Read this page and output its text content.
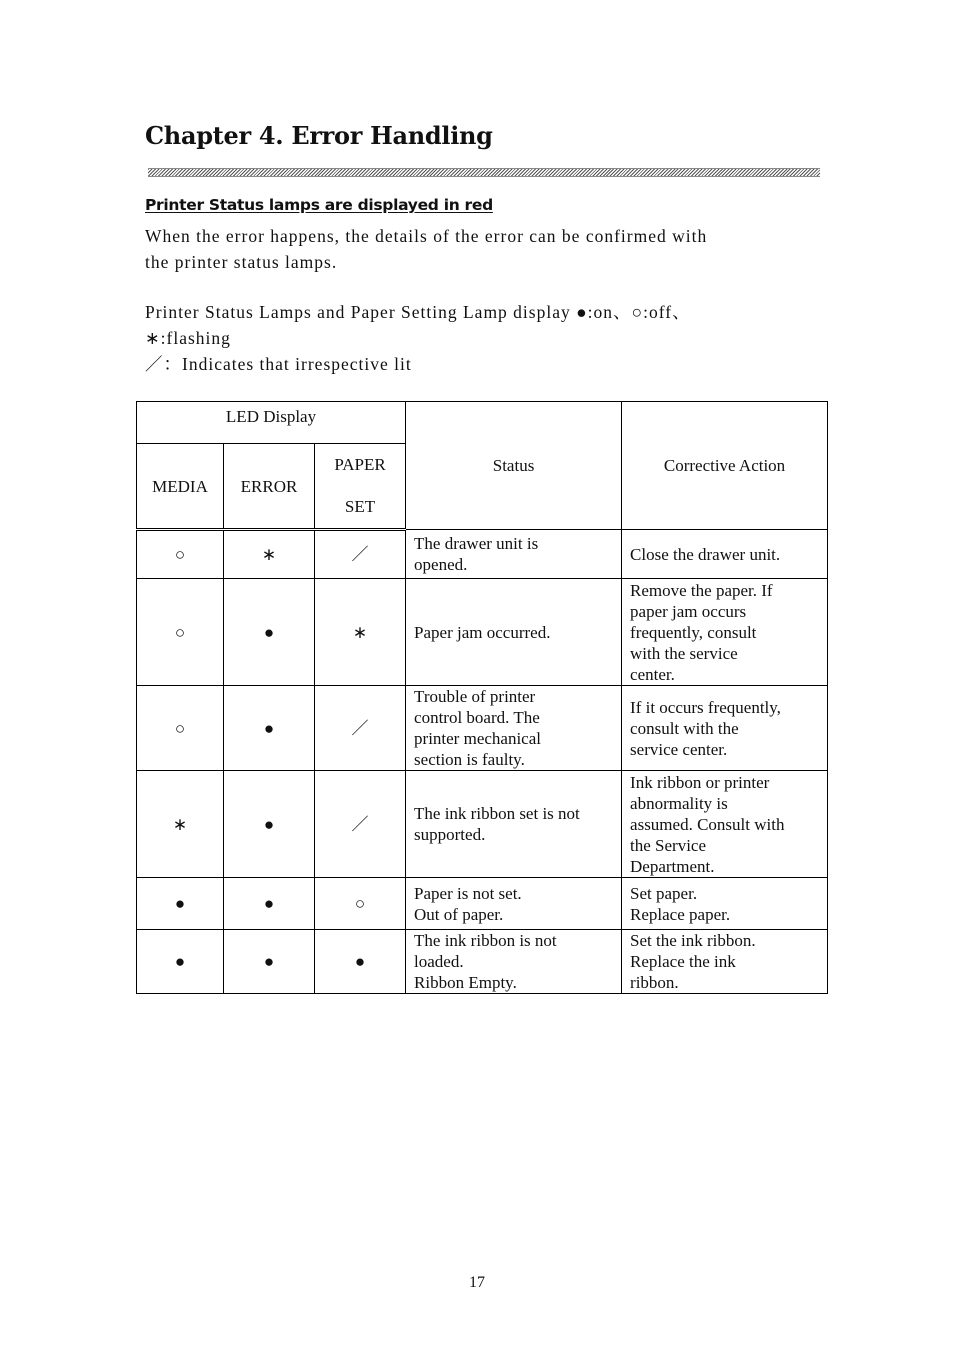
Chapter 4. Error Handling
Printer Status lamps are displayed in red
When the error happens, the details of the error can be confirmed with
the printer status lamps.
Printer Status Lamps and Paper Setting Lamp display ●:on、○:off、
∗:flashing
／：Indicates that irrespective lit
LED Display			Status	Corrective Action
MEDIA	ERROR	PAPER
SET		

○	∗	／	The drawer unit is
opened.	Close the drawer unit.

○	●	∗	Paper jam occurred.	Remove the paper. If
paper jam occurs
frequently, consult
with the service
center.

○	●	／	Trouble of printer
control board. The
printer mechanical
section is faulty.	If it occurs frequently,
consult with the
service center.

∗	●	／	The ink ribbon set is not
supported.	Ink ribbon or printer
abnormality is
assumed. Consult with
the Service
Department.

●	●	○	Paper is not set.
Out of paper.	Set paper.
Replace paper.

●	●	●	The ink ribbon is not
loaded.
Ribbon Empty.	Set the ink ribbon.
Replace the ink
ribbon.
17
